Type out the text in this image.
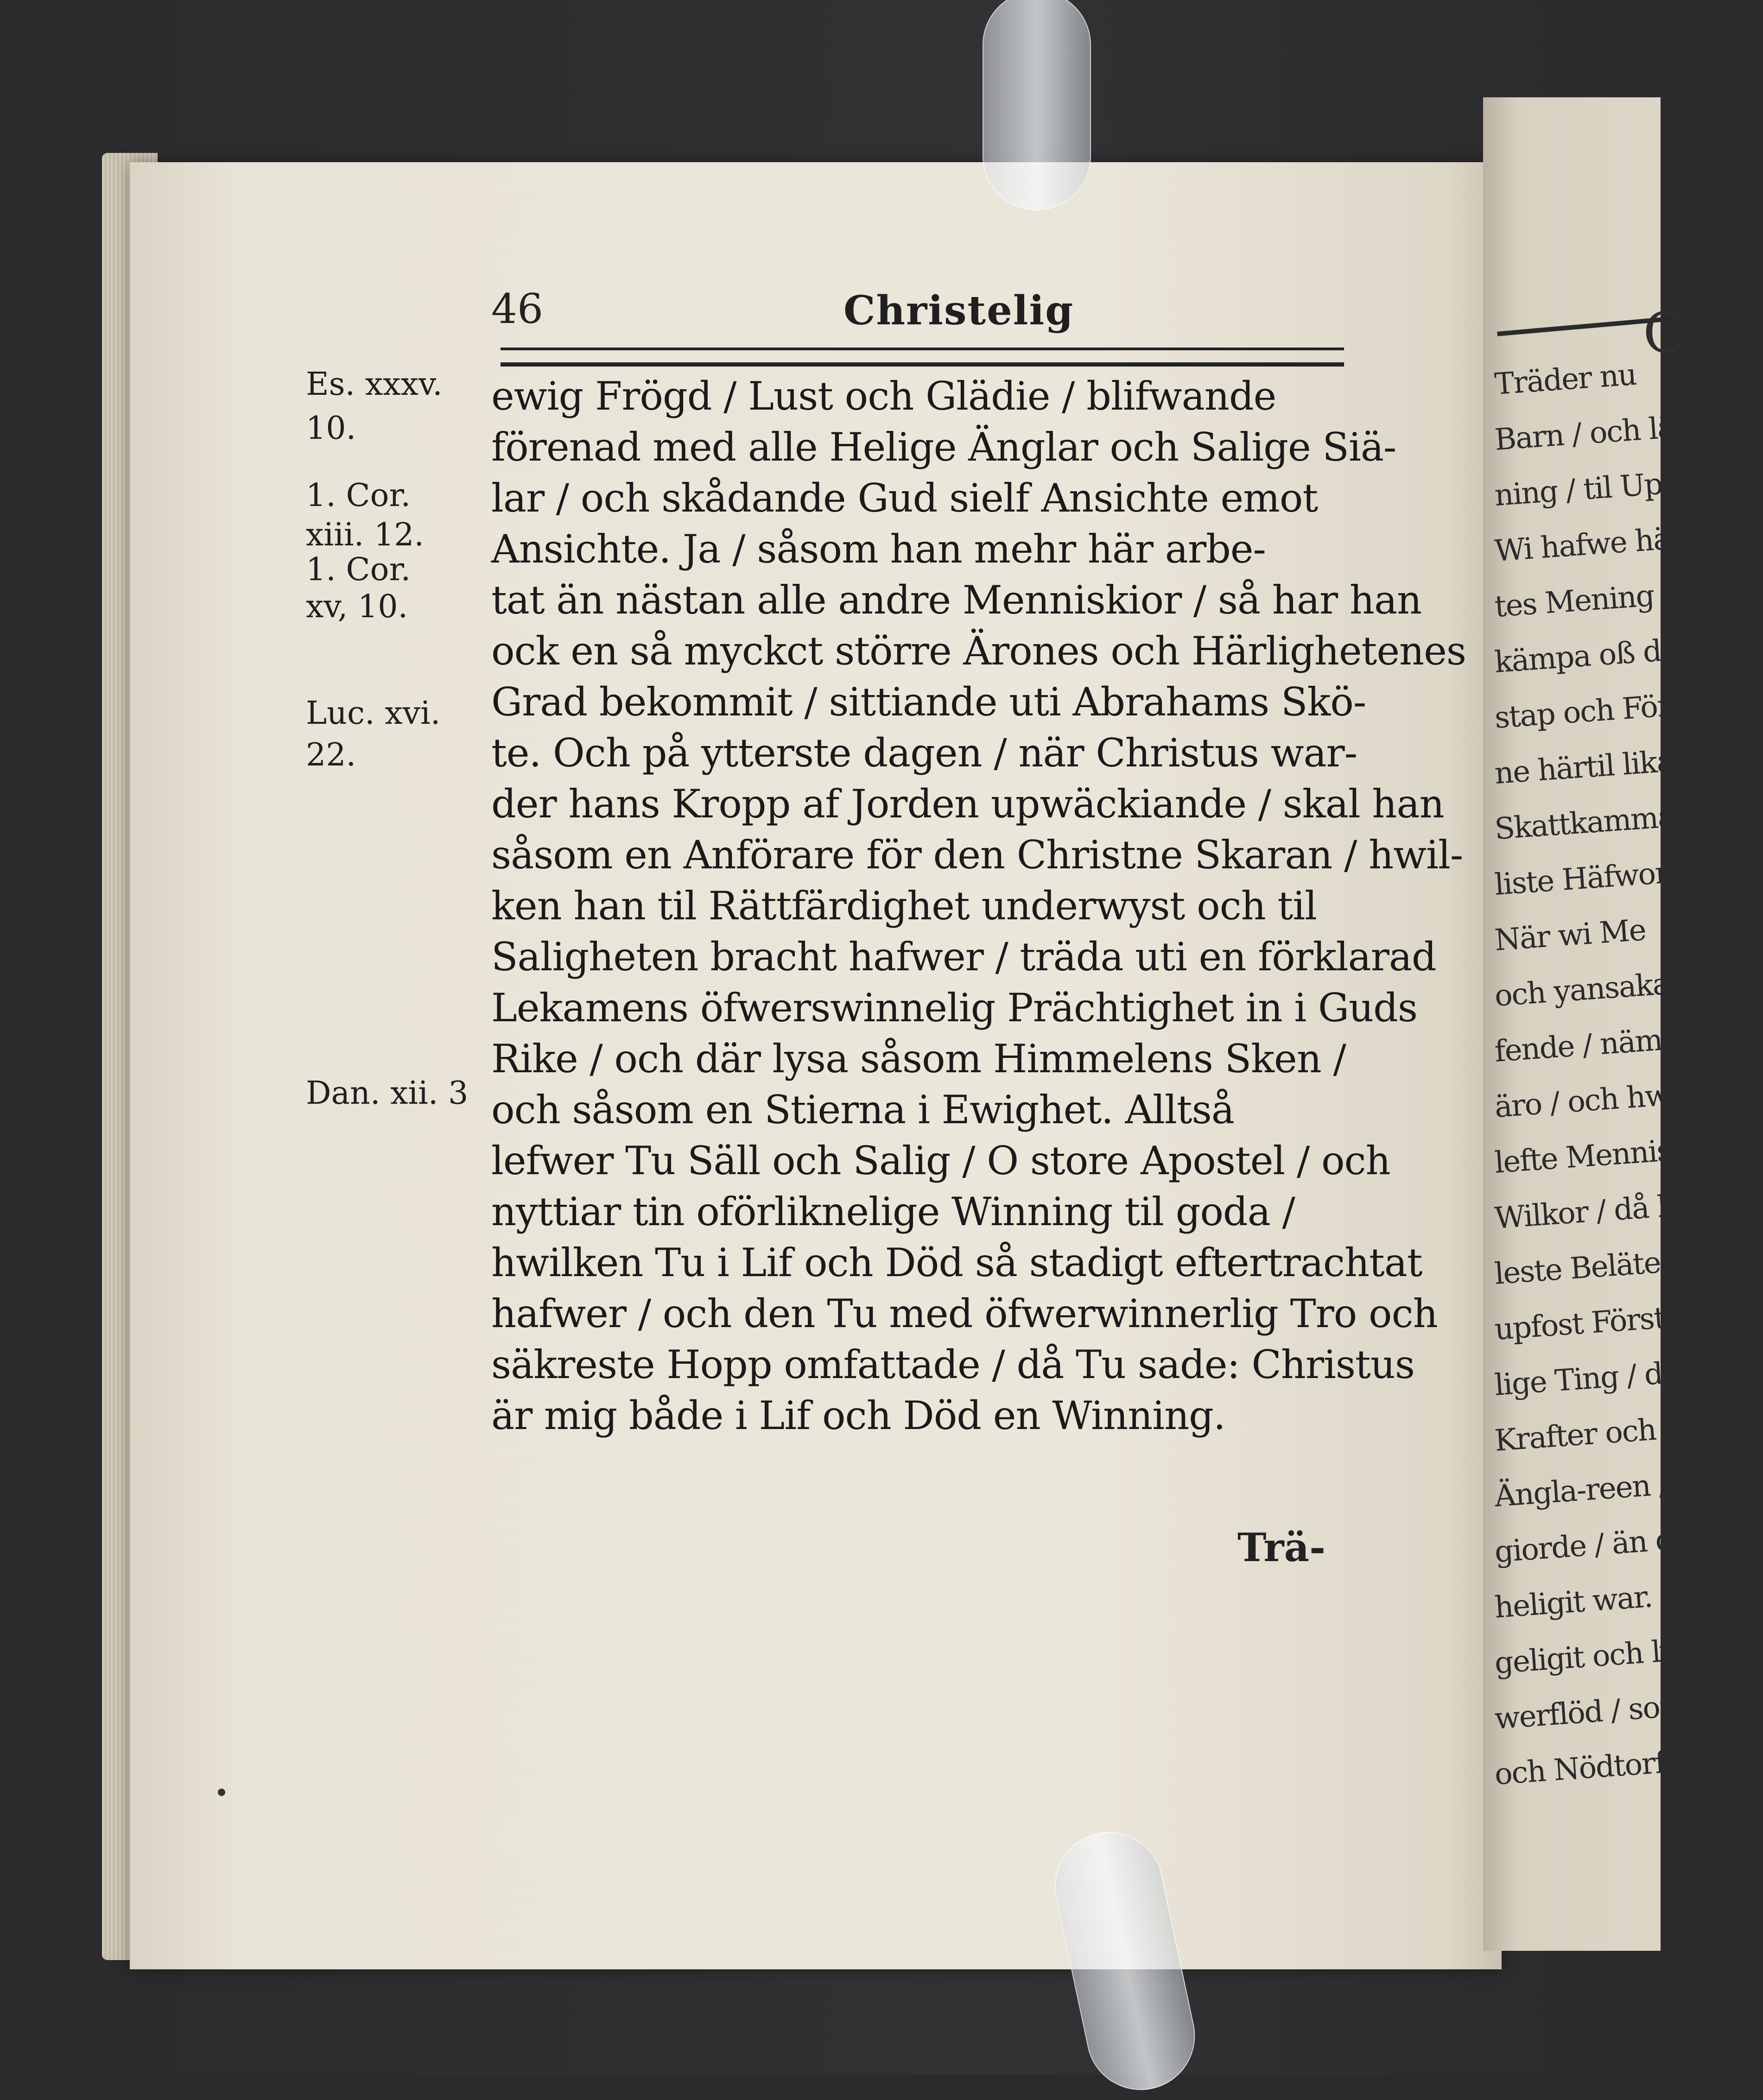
C
Träder nu
Barn / och läre
ning / til Upwäck
Wi hafwe härtil
tes Mening och
kämpa oß där uta
stap och Förbättr
ne härtil likason
Skattkammare;
liste Häfwor och
När wi Me
och yansaka / läter
fende / nämliger
äro / och hwad wi
lefte Menniskian
Wilkor / då hon G
leste Beläte och
upfost Förstånd
lige Ting / då h
Krafter och För
Ängla-reen / och
giorde / än det so
heligit war. De
geligit och lyckfal
werflöd / som hö
och Nödtorft /
46	Christelig
Es. xxxv.
10.
1. Cor.
xiii. 12.
1. Cor.
xv, 10.
Luc. xvi.
22.
Dan. xii. 3
ewig Frögd / Lust och Glädie / blifwande
förenad med alle Helige Änglar och Salige Siä-
lar / och skådande Gud sielf Ansichte emot
Ansichte. Ja / såsom han mehr här arbe-
tat än nästan alle andre Menniskior / så har han
ock en så myckct större Ärones och Härlighetenes
Grad bekommit / sittiande uti Abrahams Skö-
te. Och på ytterste dagen / när Christus war-
der hans Kropp af Jorden upwäckiande / skal han
såsom en Anförare för den Christne Skaran / hwil-
ken han til Rättfärdighet underwyst och til
Saligheten bracht hafwer / träda uti en förklarad
Lekamens öfwerswinnelig Prächtighet in i Guds
Rike / och där lysa såsom Himmelens Sken /
och såsom en Stierna i Ewighet. Alltså
lefwer Tu Säll och Salig / O store Apostel / och
nyttiar tin oförliknelige Winning til goda /
hwilken Tu i Lif och Död så stadigt eftertrachtat
hafwer / och den Tu med öfwerwinnerlig Tro och
säkreste Hopp omfattade / då Tu sade: Christus
är mig både i Lif och Död en Winning.
Trä-
